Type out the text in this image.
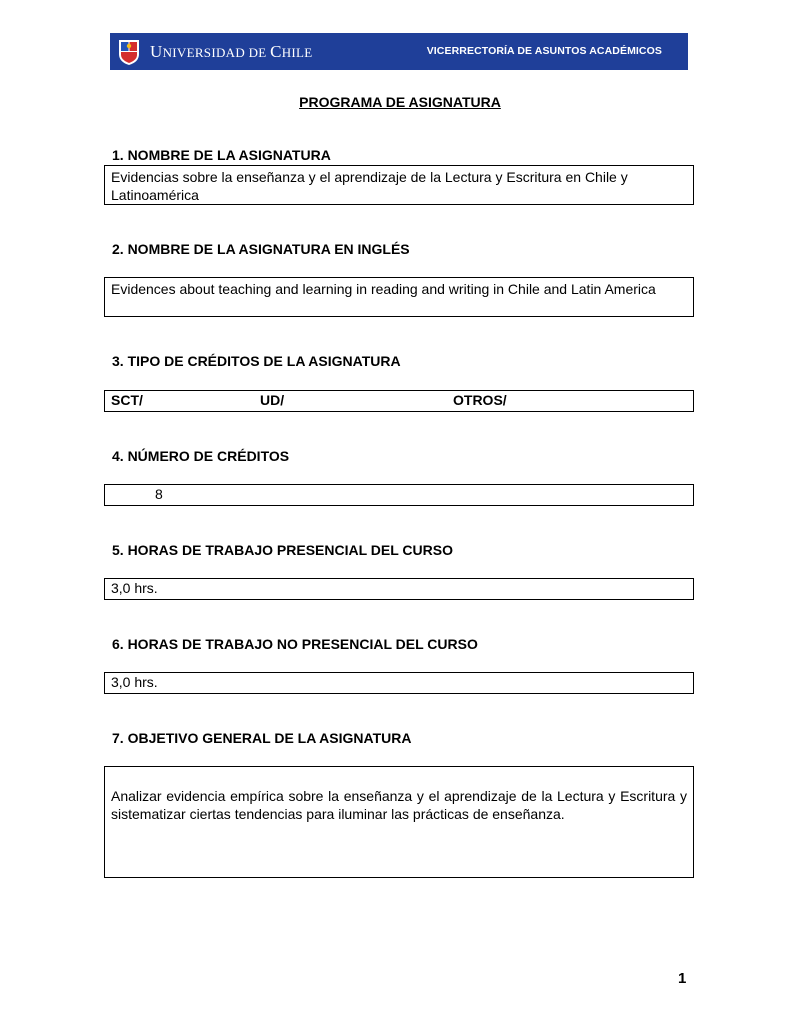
UNIVERSIDAD DE CHILE	VICERRECTORÍA DE ASUNTOS ACADÉMICOS
PROGRAMA DE ASIGNATURA
1. NOMBRE DE LA ASIGNATURA
Evidencias sobre la enseñanza y el aprendizaje de la Lectura y Escritura en Chile y Latinoamérica
2. NOMBRE DE LA ASIGNATURA EN INGLÉS
Evidences about teaching and learning in reading and writing in Chile and Latin America
3. TIPO DE CRÉDITOS DE LA ASIGNATURA
SCT/	UD/	OTROS/
4. NÚMERO DE CRÉDITOS
8
5. HORAS DE TRABAJO PRESENCIAL DEL CURSO
3,0 hrs.
6. HORAS DE TRABAJO NO PRESENCIAL DEL CURSO
3,0 hrs.
7. OBJETIVO GENERAL DE LA ASIGNATURA
Analizar evidencia empírica sobre la enseñanza y el aprendizaje de la Lectura y Escritura y sistematizar ciertas tendencias para iluminar las prácticas de enseñanza.
1
